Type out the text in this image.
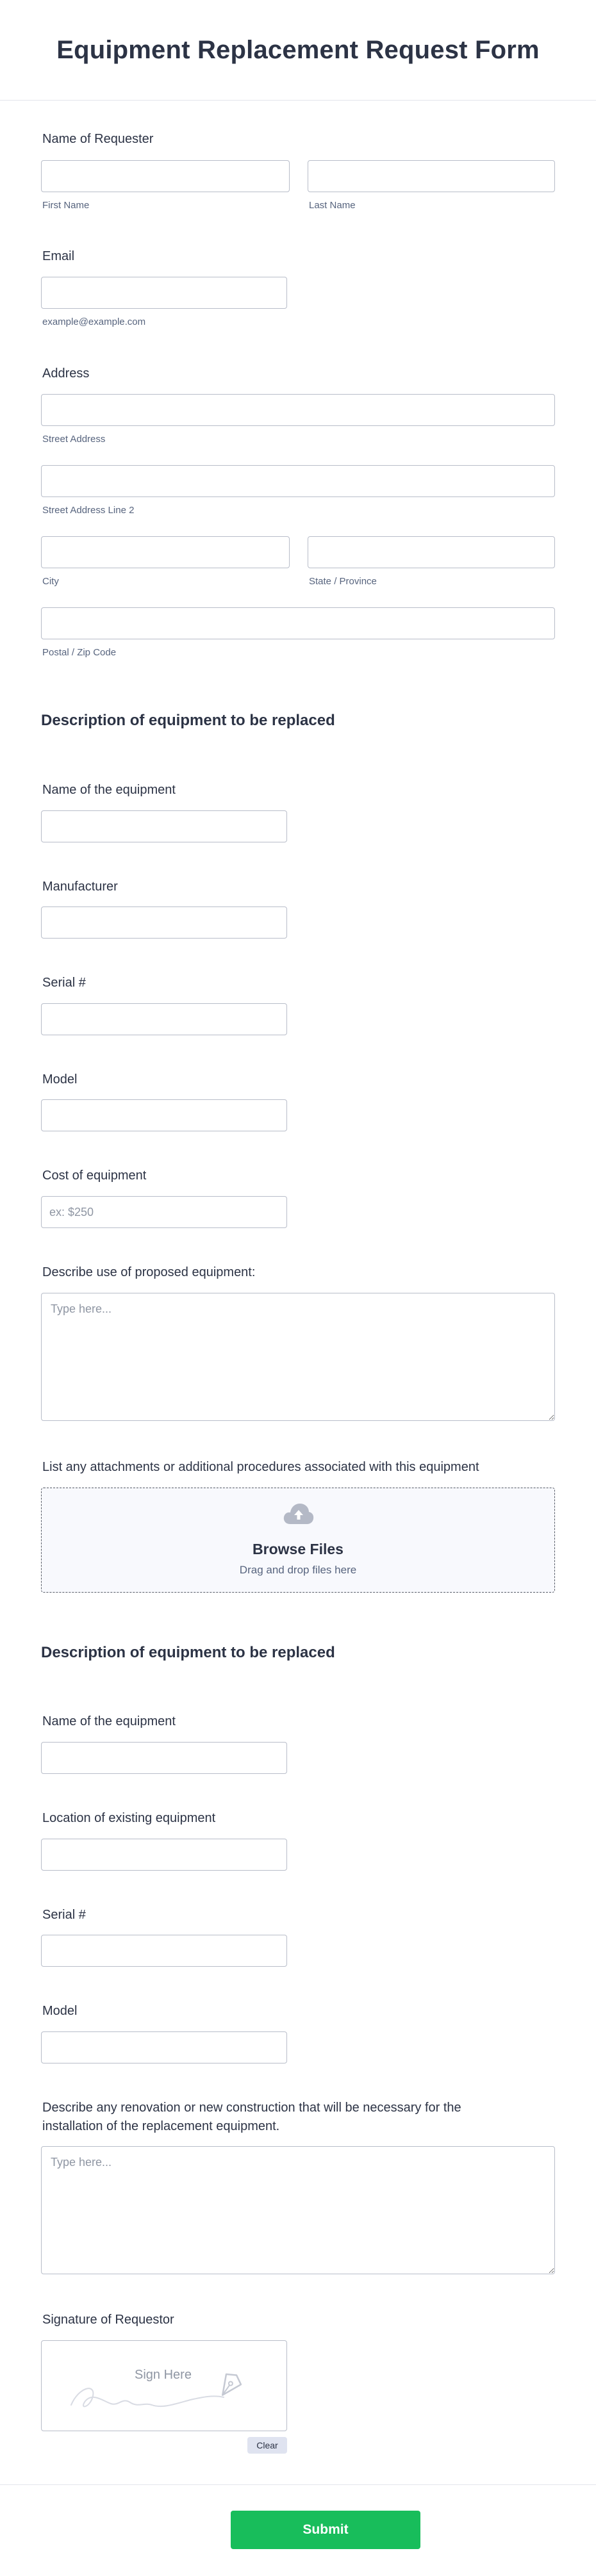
Equipment Replacement Request Form
Name of Requester
First Name	Last Name
Email
example@example.com
Address
Street Address
Street Address Line 2
City	State / Province
Postal / Zip Code
Description of equipment to be replaced
Name of the equipment
Manufacturer
Serial #
Model
Cost of equipment
ex: $250
Describe use of proposed equipment:
Type here...
List any attachments or additional procedures associated with this equipment
Browse Files
Drag and drop files here
Description of equipment to be replaced
Name of the equipment
Location of existing equipment
Serial #
Model
Describe any renovation or new construction that will be necessary for the
installation of the replacement equipment.
Type here...
Signature of Requestor
Sign Here
Clear
Submit
